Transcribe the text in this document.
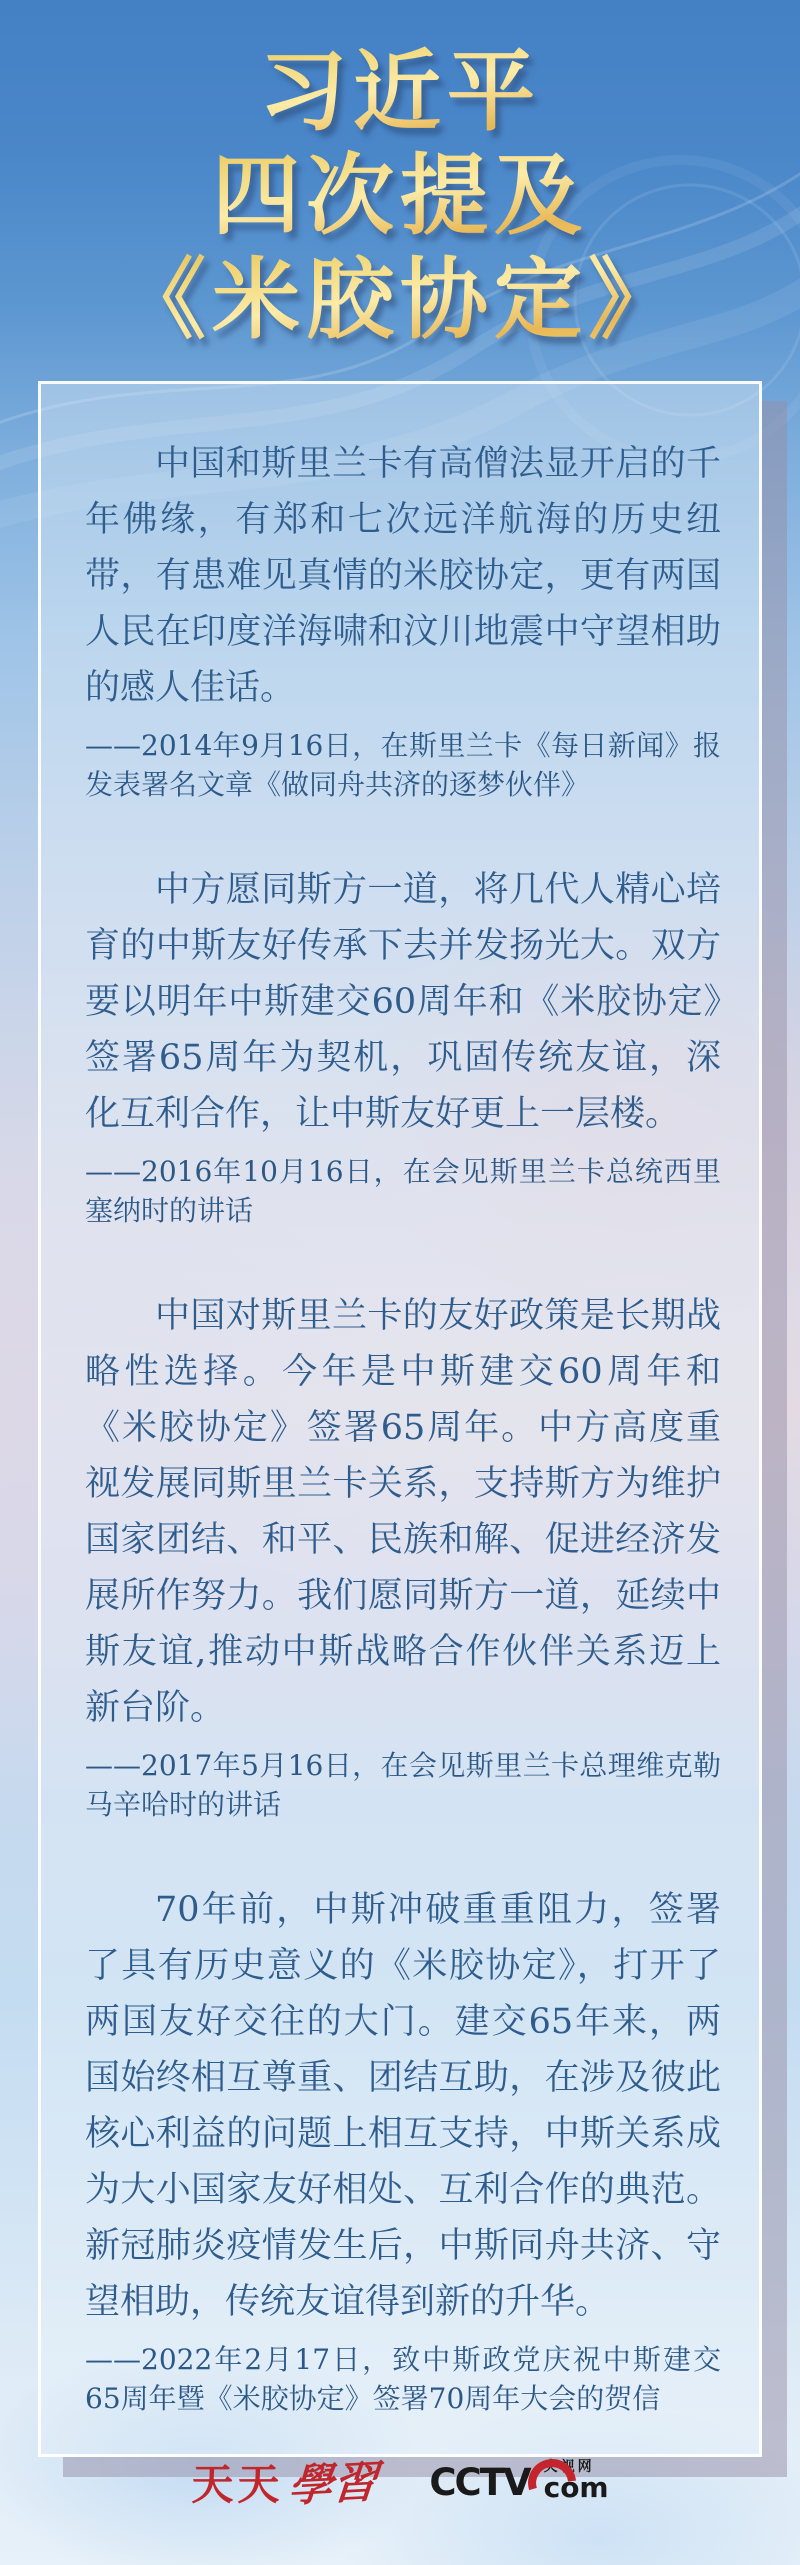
习近平
四次提及
《米胶协定》

中国和斯里兰卡有高僧法显开启的千年佛缘，有郑和七次远洋航海的历史纽带，有患难见真情的米胶协定，更有两国人民在印度洋海啸和汶川地震中守望相助的感人佳话。

——2014年9月16日，在斯里兰卡《每日新闻》报发表署名文章《做同舟共济的逐梦伙伴》

中方愿同斯方一道，将几代人精心培育的中斯友好传承下去并发扬光大。双方要以明年中斯建交60周年和《米胶协定》签署65周年为契机，巩固传统友谊，深化互利合作，让中斯友好更上一层楼。

——2016年10月16日，在会见斯里兰卡总统西里塞纳时的讲话

中国对斯里兰卡的友好政策是长期战略性选择。今年是中斯建交60周年和《米胶协定》签署65周年。中方高度重视发展同斯里兰卡关系，支持斯方为维护国家团结、和平、民族和解、促进经济发展所作努力。我们愿同斯方一道，延续中斯友谊,推动中斯战略合作伙伴关系迈上新台阶。

——2017年5月16日，在会见斯里兰卡总理维克勒马辛哈时的讲话

70年前，中斯冲破重重阻力，签署了具有历史意义的《米胶协定》，打开了两国友好交往的大门。建交65年来，两国始终相互尊重、团结互助，在涉及彼此核心利益的问题上相互支持，中斯关系成为大小国家友好相处、互利合作的典范。新冠肺炎疫情发生后，中斯同舟共济、守望相助，传统友谊得到新的升华。

——2022年2月17日，致中斯政党庆祝中斯建交65周年暨《米胶协定》签署70周年大会的贺信

天天 學習 CCTV 央视网
com
